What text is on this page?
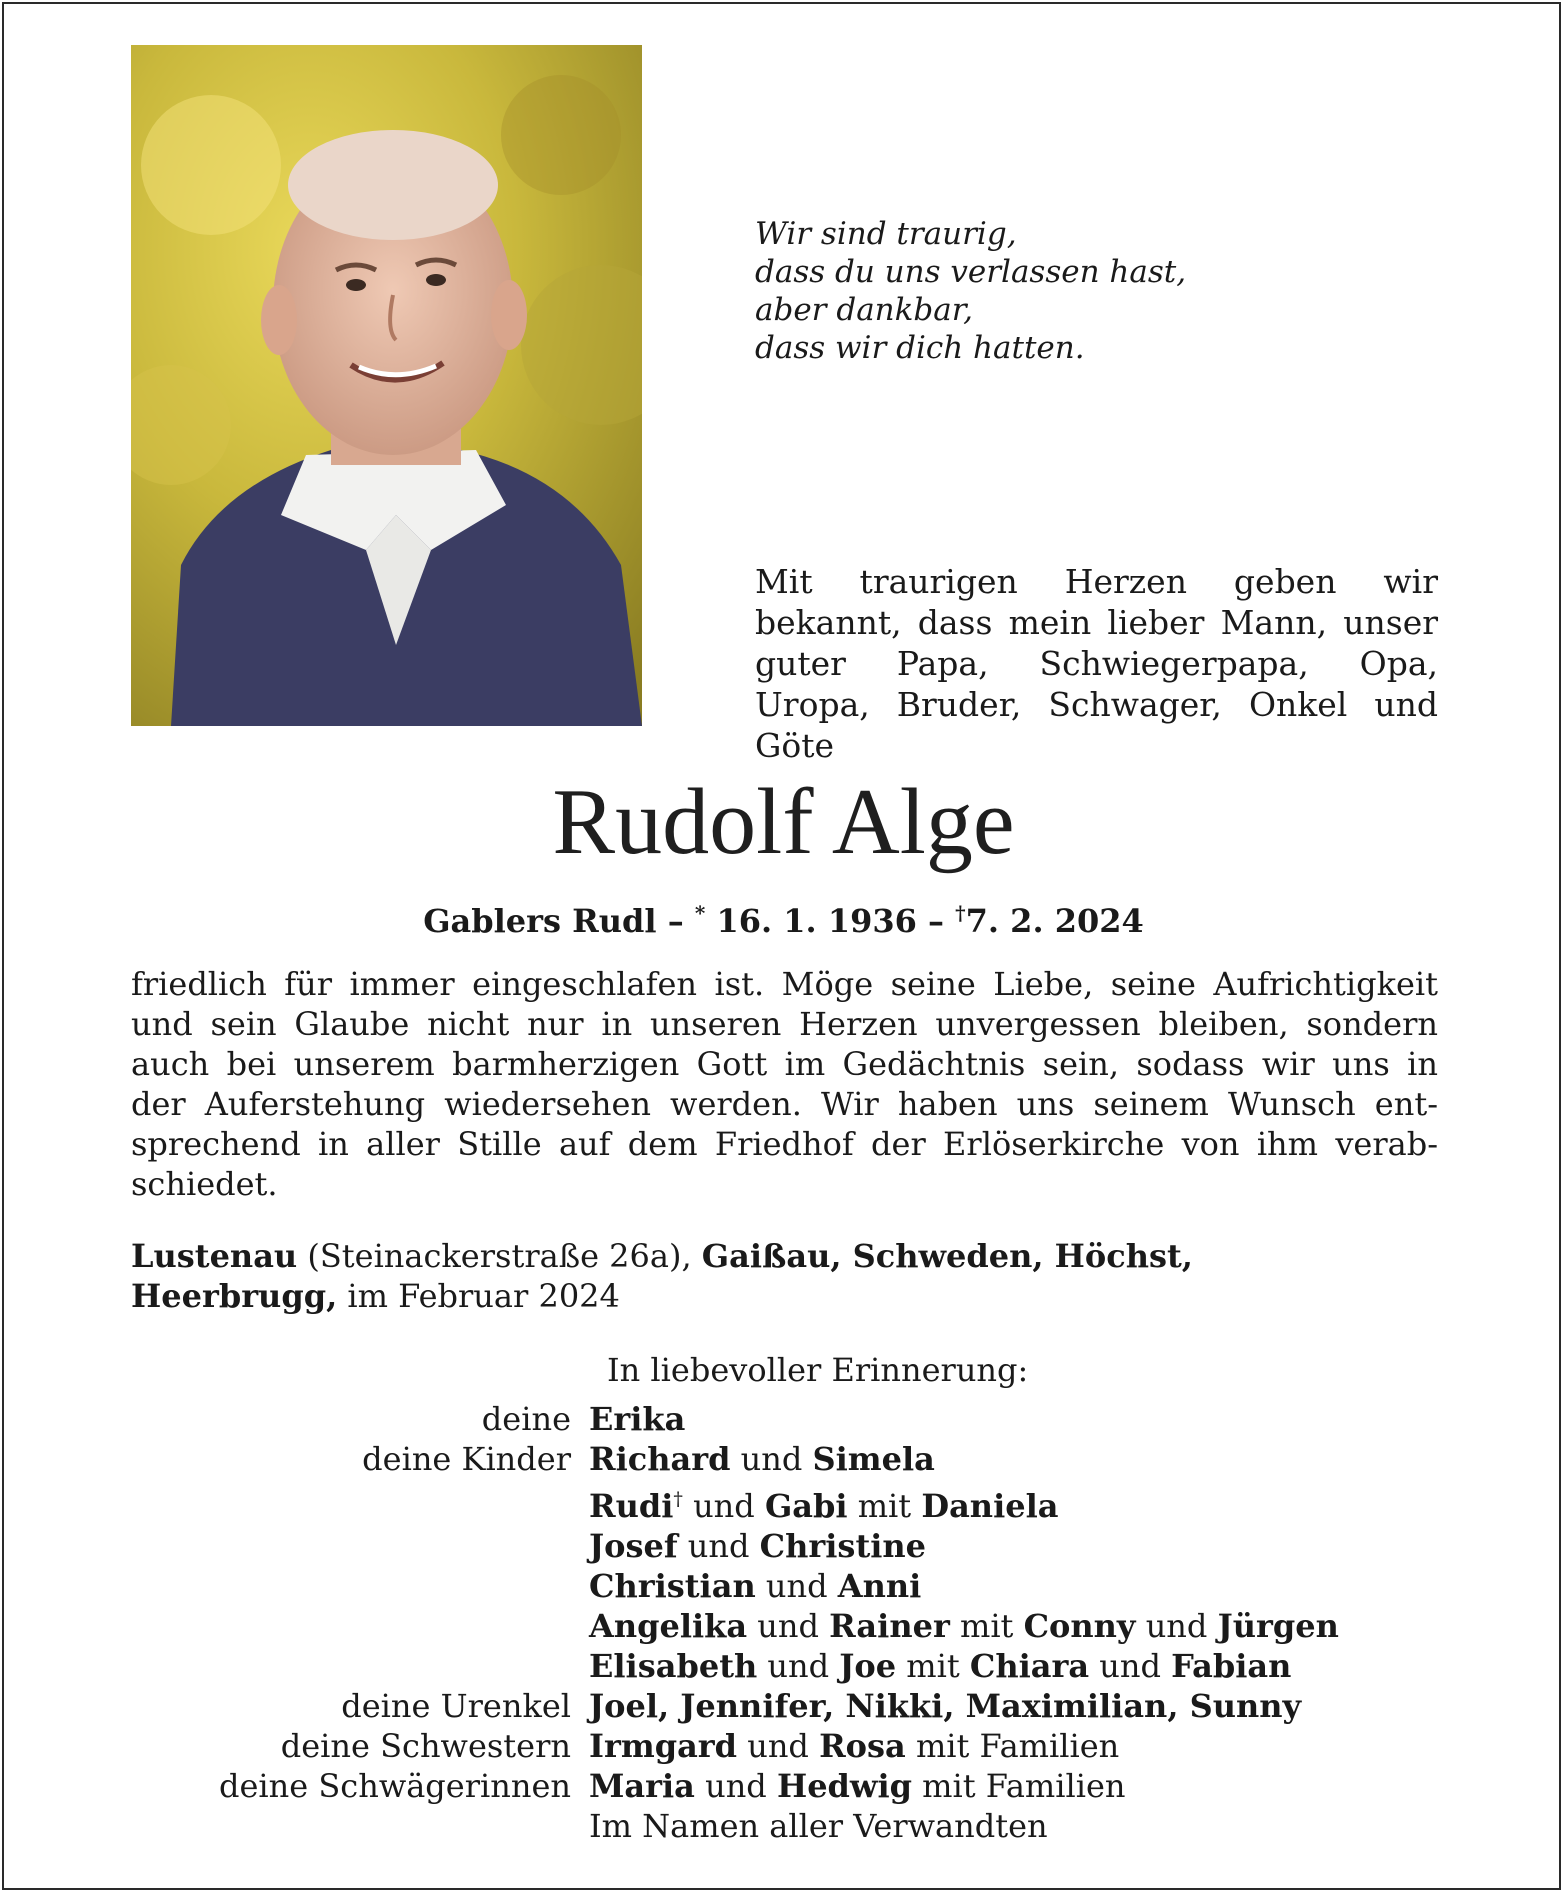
Wir sind traurig,
dass du uns verlassen hast,
aber dankbar,
dass wir dich hatten.
Mit traurigen Herzen geben wir bekannt, dass mein lieber Mann, unser guter Papa, Schwiegerpapa, Opa, Uropa, Bruder, Schwager, Onkel und Göte
Rudolf Alge
Gablers Rudl – * 16. 1. 1936 – †7. 2. 2024
friedlich für immer eingeschlafen ist. Möge seine Liebe, seine Aufrichtigkeit
und sein Glaube nicht nur in unseren Herzen unvergessen bleiben, sondern
auch bei unserem barmherzigen Gott im Gedächtnis sein, sodass wir uns in
der Auferstehung wiedersehen werden. Wir haben uns seinem Wunsch ent-
sprechend in aller Stille auf dem Friedhof der Erlöserkirche von ihm verab-
schiedet.
Lustenau (Steinackerstraße 26a), Gaißau, Schweden, Höchst,
Heerbrugg, im Februar 2024
In liebevoller Erinnerung:
deine Erika
deine Kinder Richard und Simela
Rudi† und Gabi mit Daniela
Josef und Christine
Christian und Anni
Angelika und Rainer mit Conny und Jürgen
Elisabeth und Joe mit Chiara und Fabian
deine Urenkel Joel, Jennifer, Nikki, Maximilian, Sunny
deine Schwestern Irmgard und Rosa mit Familien
deine Schwägerinnen Maria und Hedwig mit Familien
Im Namen aller Verwandten
